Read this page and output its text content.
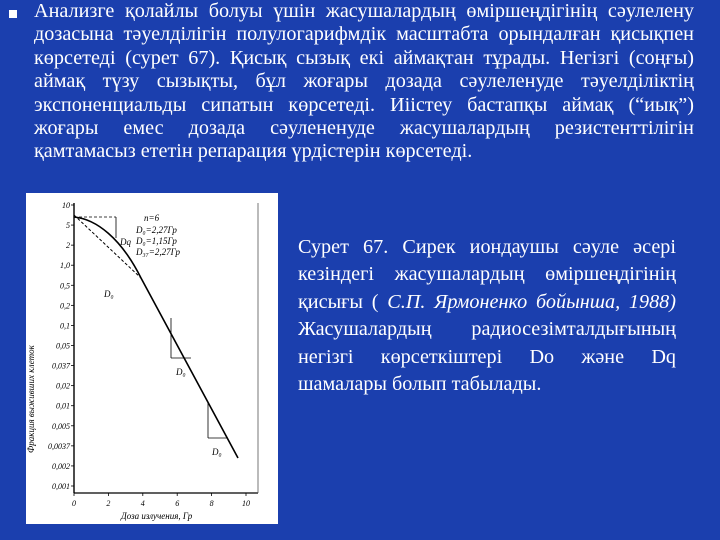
Анализге қолайлы болуы үшін жасушалардың өміршеңдігінің сәулелену дозасына тәуелділігін полулогарифмдік масштабта орындалған қисықпен көрсетеді (сурет 67). Қисық сызық екі аймақтан тұрады. Негізгі (соңғы) аймақ түзу сызықты, бұл жоғары дозада сәулеленуде тәуелділіктің экспоненциальды сипатын көрсетеді. Иіістеу бастапқы аймақ (“иық”) жоғары емес дозада сәулененуде жасушалардың резистенттілігін қамтамасыз ететін репарация үрдістерін көрсетеді.

10
5
2
1,0
0,5
0,2
0,1
0,05
0,037
0,02
0,01
0,005
0,0037
0,002
0,001
0	2	4	6	8	10
Dq
D₀
D₀
D₀
n=6
D₀=2,27Гр
D₀=1,15Гр
D₃₇=2,27Гр
Фракция выживших клеток
Доза излучения, Гр

Сурет 67. Сирек иондаушы сәуле әсері кезіндегі жасушалардың өміршеңдігінің қисығы ( С.П. Ярмоненко бойынша, 1988) Жасушалардың радиосезімталдығының негізгі көрсеткіштері Do және Dq шамалары болып табылады.
